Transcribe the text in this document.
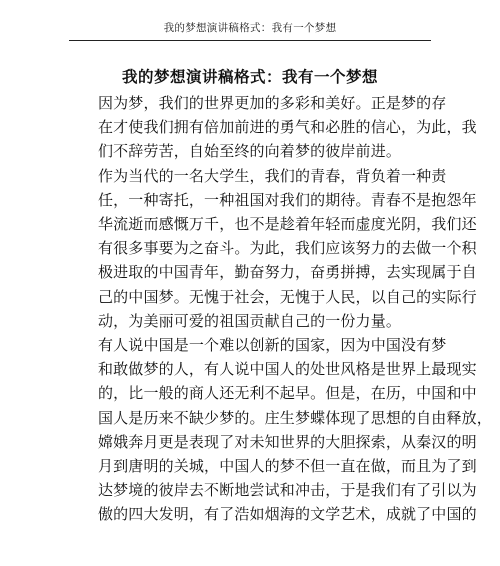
我的梦想演讲稿格式：我有一个梦想
我的梦想演讲稿格式：我有一个梦想

因为梦，我们的世界更加的多彩和美好。正是梦的存
在才使我们拥有倍加前进的勇气和必胜的信心，为此，我
们不辞劳苦，自始至终的向着梦的彼岸前进。

作为当代的一名大学生，我们的青春，背负着一种责
任，一种寄托，一种祖国对我们的期待。青春不是抱怨年
华流逝而感慨万千，也不是趁着年轻而虚度光阴，我们还
有很多事要为之奋斗。为此，我们应该努力的去做一个积
极进取的中国青年，勤奋努力，奋勇拼搏，去实现属于自
己的中国梦。无愧于社会，无愧于人民，以自己的实际行
动，为美丽可爱的祖国贡献自己的一份力量。

有人说中国是一个难以创新的国家，因为中国没有梦
和敢做梦的人，有人说中国人的处世风格是世界上最现实
的，比一般的商人还无利不起早。但是，在历，中国和中
国人是历来不缺少梦的。庄生梦蝶体现了思想的自由释放，
嫦娥奔月更是表现了对未知世界的大胆探索，从秦汉的明
月到唐明的关城，中国人的梦不但一直在做，而且为了到
达梦境的彼岸去不断地尝试和冲击，于是我们有了引以为
傲的四大发明，有了浩如烟海的文学艺术，成就了中国的
